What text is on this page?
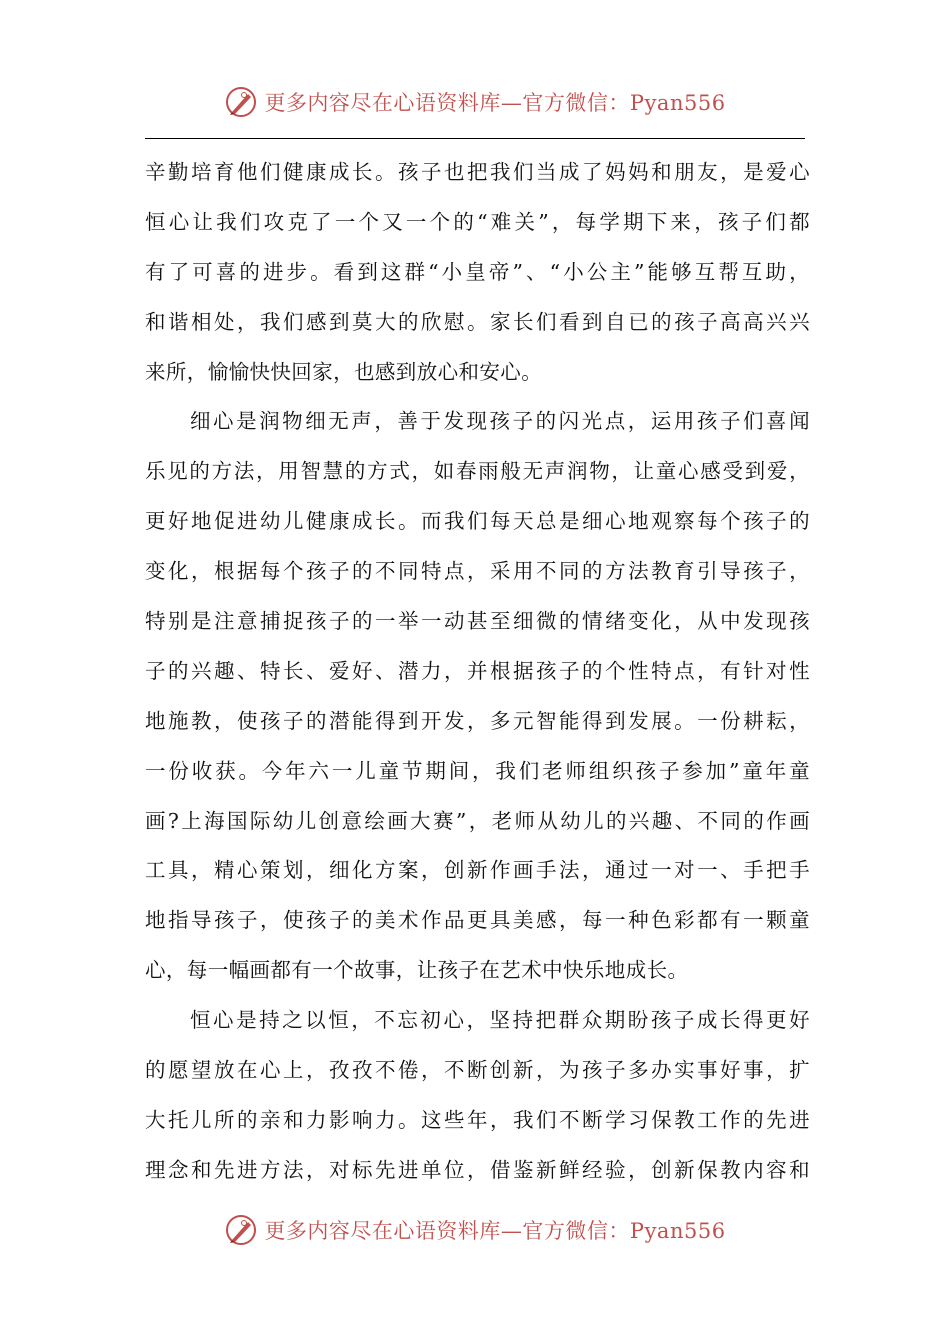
更多内容尽在心语资料库—官方微信：Pyan556
辛勤培育他们健康成长。孩子也把我们当成了妈妈和朋友，是爱心
恒心让我们攻克了一个又一个的“难关”，每学期下来，孩子们都
有了可喜的进步。看到这群“小皇帝”、“小公主”能够互帮互助，
和谐相处，我们感到莫大的欣慰。家长们看到自已的孩子高高兴兴
来所，愉愉快快回家，也感到放心和安心。
细心是润物细无声，善于发现孩子的闪光点，运用孩子们喜闻
乐见的方法，用智慧的方式，如春雨般无声润物，让童心感受到爱，
更好地促进幼儿健康成长。而我们每天总是细心地观察每个孩子的
变化，根据每个孩子的不同特点，采用不同的方法教育引导孩子，
特别是注意捕捉孩子的一举一动甚至细微的情绪变化，从中发现孩
子的兴趣、特长、爱好、潜力，并根据孩子的个性特点，有针对性
地施教，使孩子的潜能得到开发，多元智能得到发展。一份耕耘，
一份收获。今年六一儿童节期间，我们老师组织孩子参加”童年童
画?上海国际幼儿创意绘画大赛”，老师从幼儿的兴趣、不同的作画
工具，精心策划，细化方案，创新作画手法，通过一对一、手把手
地指导孩子，使孩子的美术作品更具美感，每一种色彩都有一颗童
心，每一幅画都有一个故事，让孩子在艺术中快乐地成长。
恒心是持之以恒，不忘初心，坚持把群众期盼孩子成长得更好
的愿望放在心上，孜孜不倦，不断创新，为孩子多办实事好事，扩
大托儿所的亲和力影响力。这些年，我们不断学习保教工作的先进
理念和先进方法，对标先进单位，借鉴新鲜经验，创新保教内容和
更多内容尽在心语资料库—官方微信：Pyan556
